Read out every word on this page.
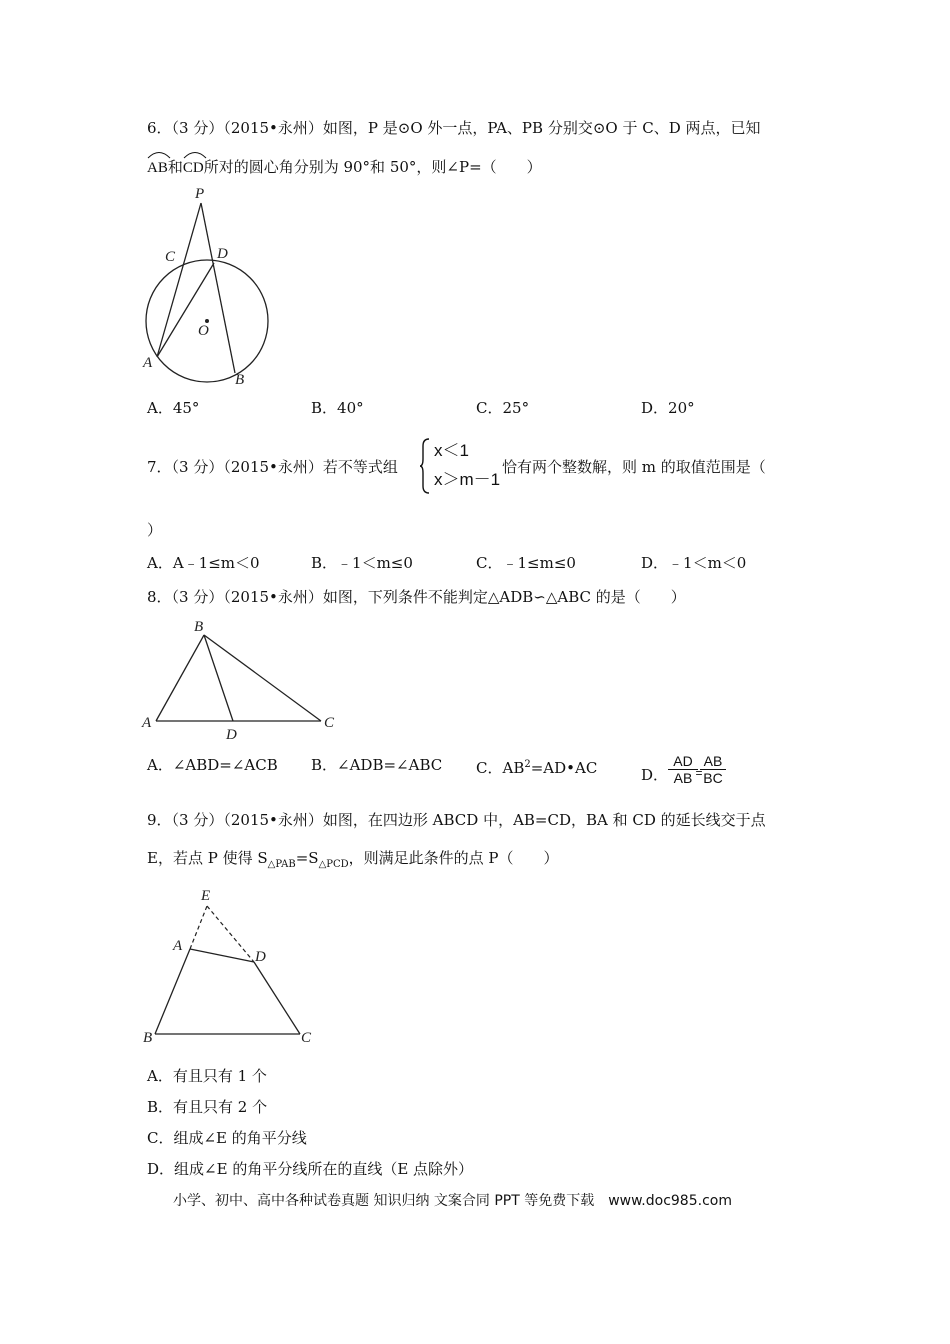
6．（3 分）（2015•永州）如图，P 是⊙O 外一点，PA、PB 分别交⊙O 于 C、D 两点，已知
AB和
CD所对的圆心角分别为 90°和 50°，则∠P=（　　）
P
C	D
O
A
B
A．45°	B．40°	C．25°	D．20°
7．（3 分）（2015•永州）若不等式组
x＜1
x＞m－1
恰有两个整数解，则 m 的取值范围是（
）
A．A﹣1≤m＜0	B．﹣1＜m≤0	C．﹣1≤m≤0	D．﹣1＜m＜0
8．（3 分）（2015•永州）如图，下列条件不能判定△ADB∽△ABC 的是（　　）
B
A	C
D
A．∠ABD=∠ACB B．∠ADB=∠ABC C．$AB^2=AD•AC$	D． $\frac{AD}{AB}$
=
$\frac{AB}{BC}$
9．（3 分）（2015•永州）如图，在四边形 ABCD 中，AB=CD，BA 和 CD 的延长线交于点
E，若点 P 使得 $S_{\triangle PAB}=S_{\triangle PCD}$，则满足此条件的点 P（　　）
E
A
D
B	C
A．有且只有 1 个
B．有且只有 2 个
C．组成∠E 的角平分线
D．组成∠E 的角平分线所在的直线（E 点除外）
小学、初中、高中各种试卷真题 知识归纳 文案合同 PPT 等免费下载　www.doc985.com
